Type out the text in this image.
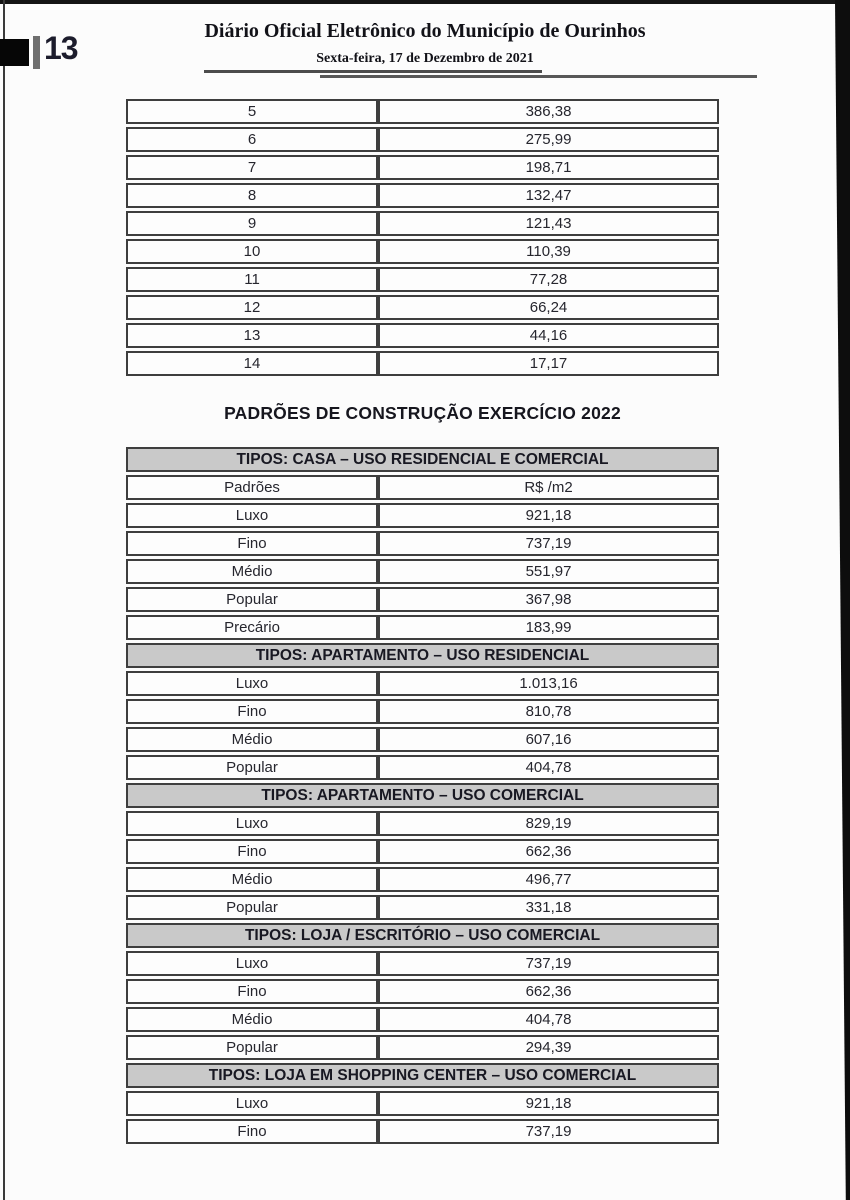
13	Diário Oficial Eletrônico do Município de Ourinhos
Sexta-feira, 17 de Dezembro de 2021
5	386,38
6	275,99
7	198,71
8	132,47
9	121,43
10	110,39
11	77,28
12	66,24
13	44,16
14	17,17
PADRÕES DE CONSTRUÇÃO EXERCÍCIO 2022
TIPOS: CASA – USO RESIDENCIAL E COMERCIAL	
Padrões	R$ /m2
Luxo	921,18
Fino	737,19
Médio	551,97
Popular	367,98
Precário	183,99
TIPOS: APARTAMENTO – USO RESIDENCIAL	
Luxo	1.013,16
Fino	810,78
Médio	607,16
Popular	404,78
TIPOS: APARTAMENTO – USO COMERCIAL	
Luxo	829,19
Fino	662,36
Médio	496,77
Popular	331,18
TIPOS: LOJA / ESCRITÓRIO – USO COMERCIAL	
Luxo	737,19
Fino	662,36
Médio	404,78
Popular	294,39
TIPOS: LOJA EM SHOPPING CENTER – USO COMERCIAL	
Luxo	921,18
Fino	737,19
